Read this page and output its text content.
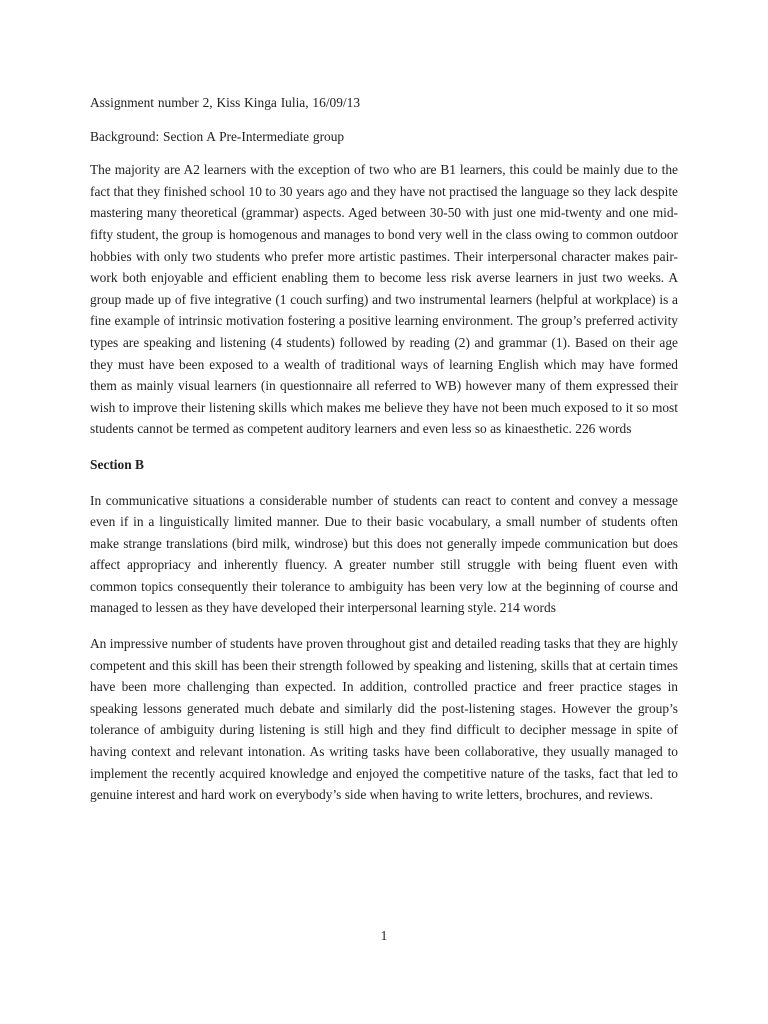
Assignment number 2, Kiss Kinga Iulia, 16/09/13

Background: Section A Pre-Intermediate group

The majority are A2 learners with the exception of two who are B1 learners, this could be mainly due to the fact that they finished school 10 to 30 years ago and they have not practised the language so they lack despite mastering many theoretical (grammar) aspects. Aged between 30-50 with just one mid-twenty and one mid-fifty student, the group is homogenous and manages to bond very well in the class owing to common outdoor hobbies with only two students who prefer more artistic pastimes. Their interpersonal character makes pair-work both enjoyable and efficient enabling them to become less risk averse learners in just two weeks. A group made up of five integrative (1 couch surfing) and two instrumental learners (helpful at workplace) is a fine example of intrinsic motivation fostering a positive learning environment. The group’s preferred activity types are speaking and listening (4 students) followed by reading (2) and grammar (1). Based on their age they must have been exposed to a wealth of traditional ways of learning English which may have formed them as mainly visual learners (in questionnaire all referred to WB) however many of them expressed their wish to improve their listening skills which makes me believe they have not been much exposed to it so most students cannot be termed as competent auditory learners and even less so as kinaesthetic. 226 words

Section B

In communicative situations a considerable number of students can react to content and convey a message even if in a linguistically limited manner. Due to their basic vocabulary, a small number of students often make strange translations (bird milk, windrose) but this does not generally impede communication but does affect appropriacy and inherently fluency. A greater number still struggle with being fluent even with common topics consequently their tolerance to ambiguity has been very low at the beginning of course and managed to lessen as they have developed their interpersonal learning style. 214 words

An impressive number of students have proven throughout gist and detailed reading tasks that they are highly competent and this skill has been their strength followed by speaking and listening, skills that at certain times have been more challenging than expected. In addition, controlled practice and freer practice stages in speaking lessons generated much debate and similarly did the post-listening stages. However the group’s tolerance of ambiguity during listening is still high and they find difficult to decipher message in spite of having context and relevant intonation. As writing tasks have been collaborative, they usually managed to implement the recently acquired knowledge and enjoyed the competitive nature of the tasks, fact that led to genuine interest and hard work on everybody’s side when having to write letters, brochures, and reviews.

1
